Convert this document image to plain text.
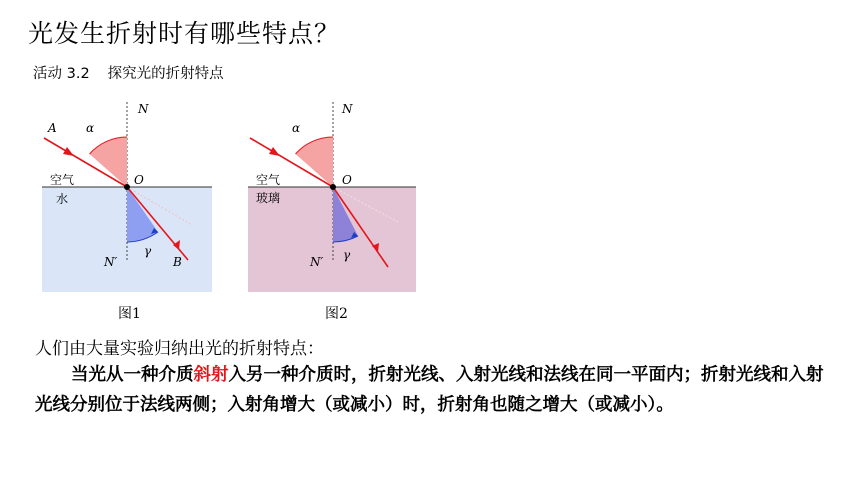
光发生折射时有哪些特点？
活动 3.2 探究光的折射特点
A
N
α
O
空气
水
γ
N′	B
N
α
O
空气
玻璃
γ
N′
图1	图2
人们由大量实验归纳出光的折射特点：
当光从一种介质斜射入另一种介质时，折射光线、入射光线和法线在同一平面内；折射光线和入射光线分别位于法线两侧；入射角增大（或减小）时，折射角也随之增大（或减小）。
